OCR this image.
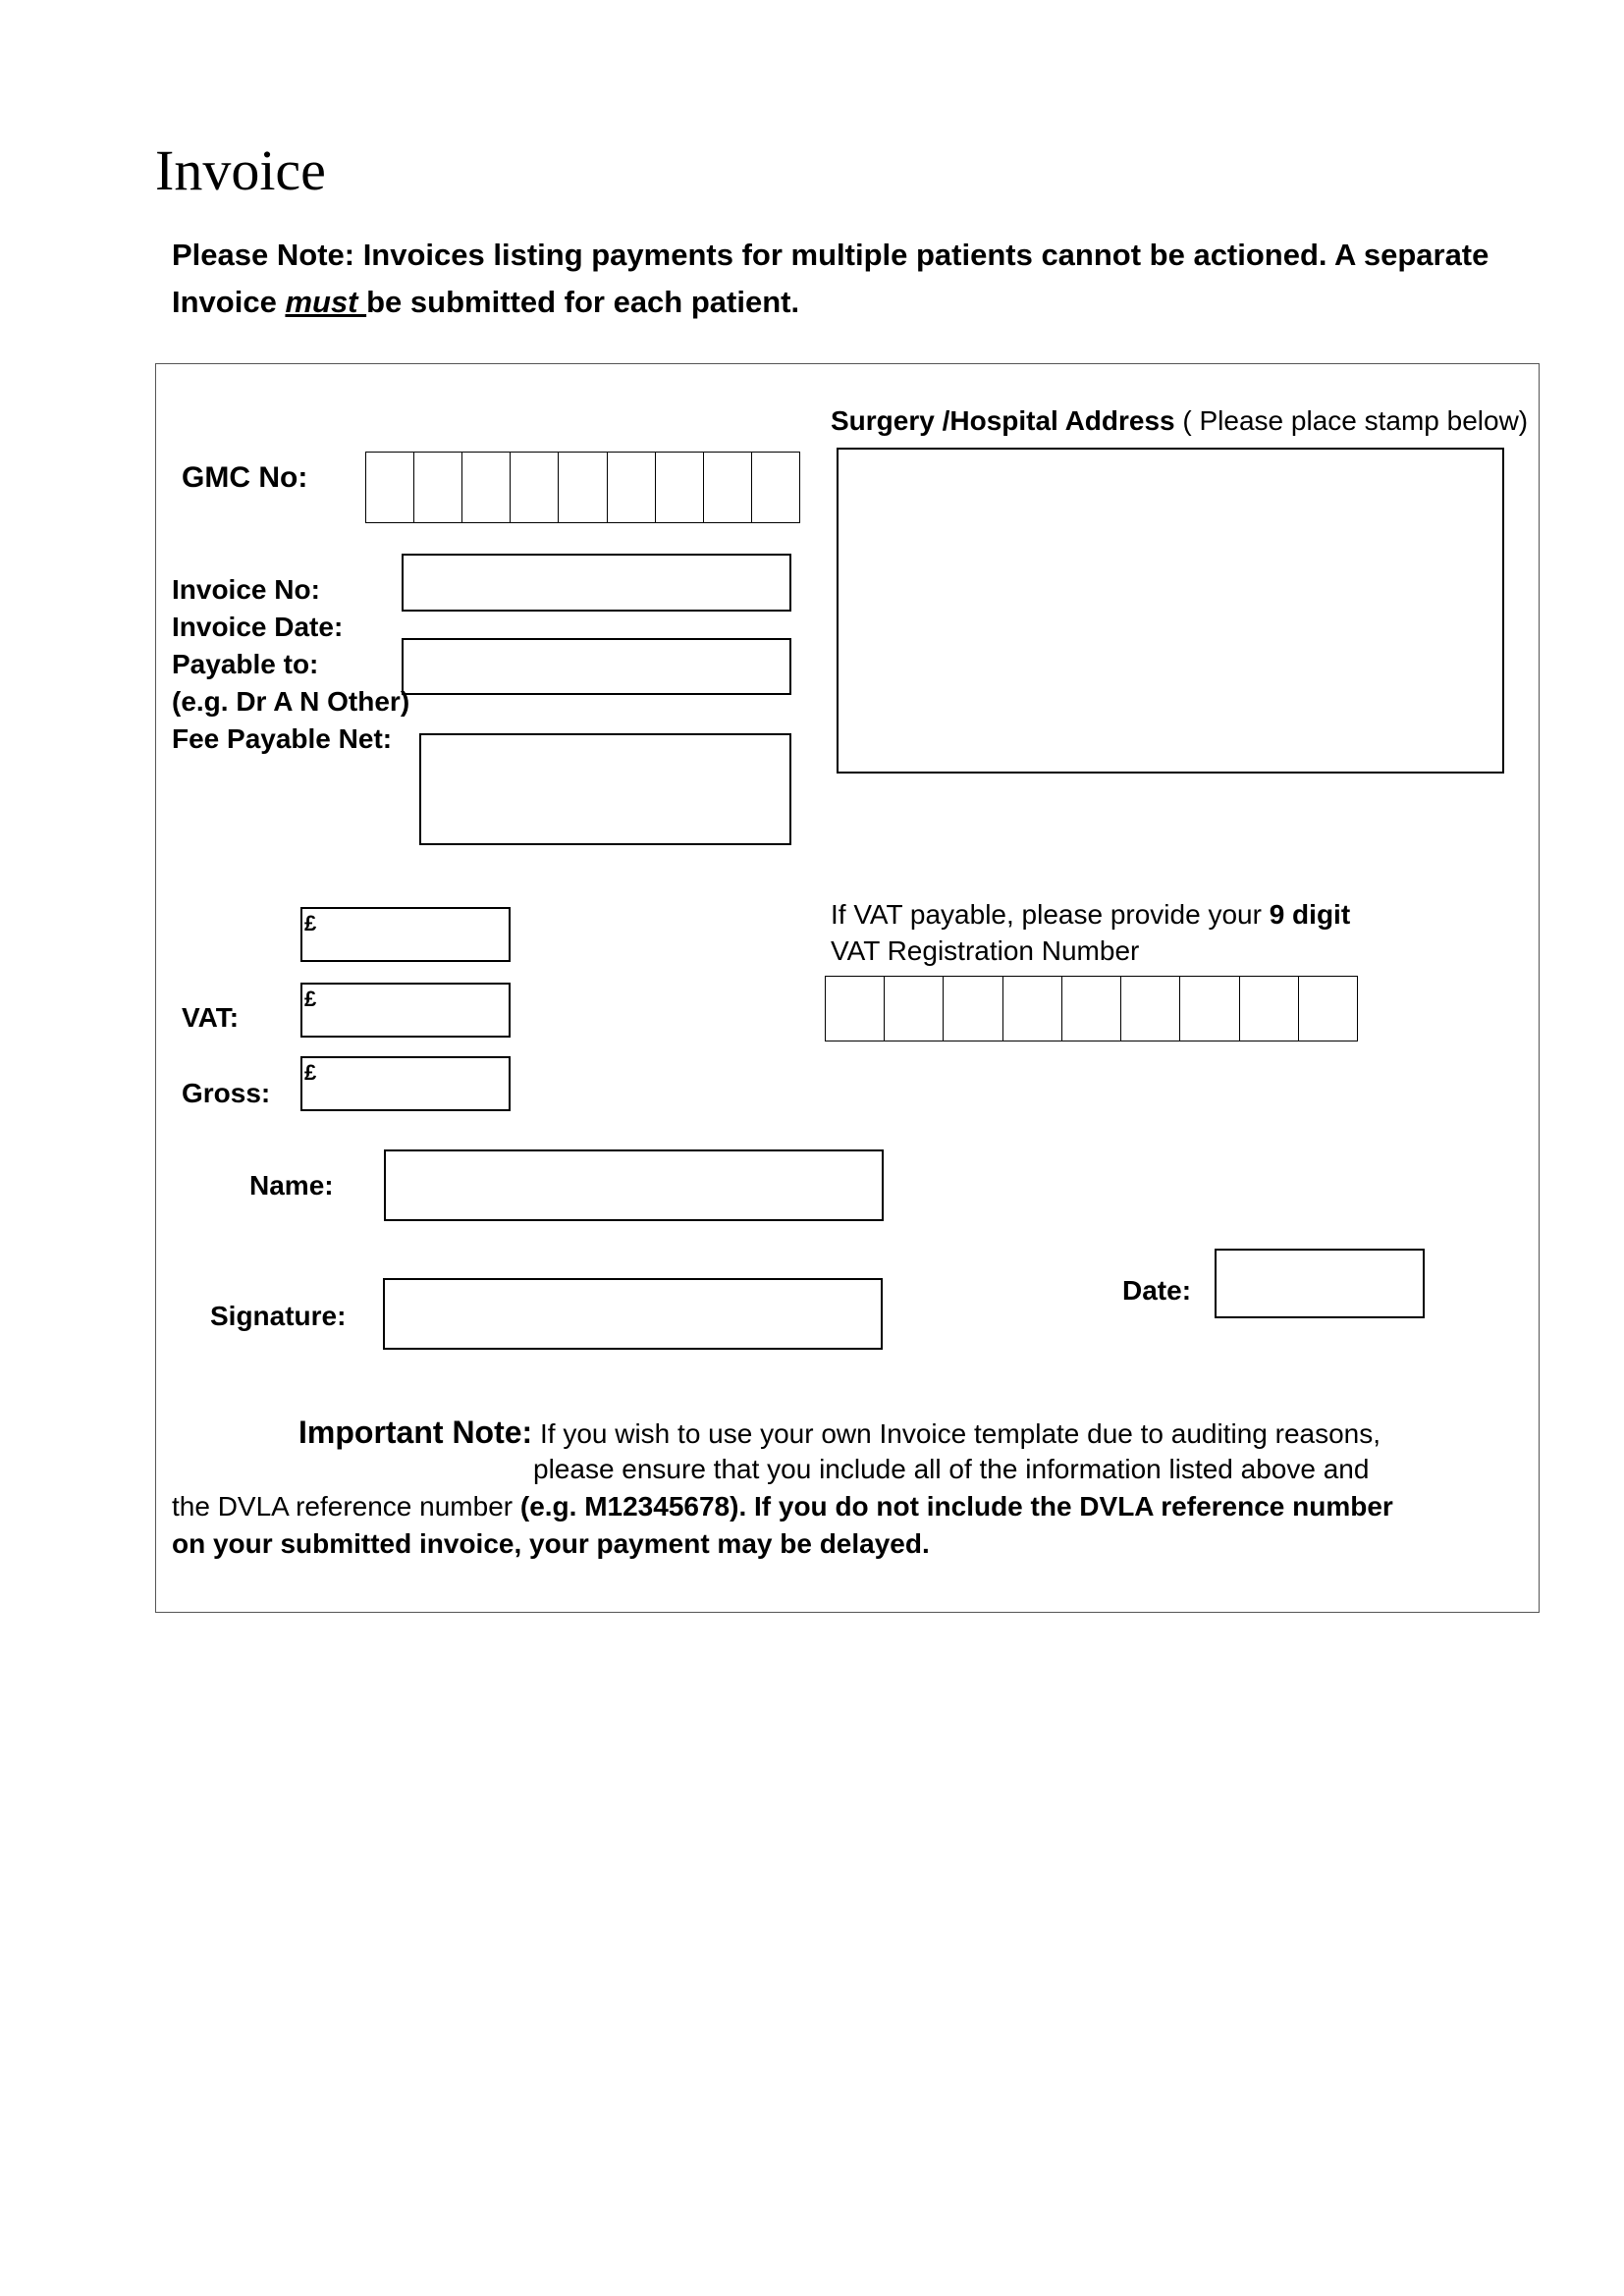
Invoice
Please Note: Invoices listing payments for multiple patients cannot be actioned. A separate
Invoice must be submitted for each patient.
GMC No:
Invoice No:
Invoice Date:
Payable to:
(e.g. Dr A N Other)
Fee Payable Net:
Surgery /Hospital Address ( Please place stamp below)
£
£
£
VAT:
Gross:
If VAT payable, please provide your 9 digit
VAT Registration Number
Name:
Signature:
Date:
Important Note: If you wish to use your own Invoice template due to auditing reasons,
please ensure that you include all of the information listed above and
the DVLA reference number (e.g. M12345678). If you do not include the DVLA reference number
on your submitted invoice, your payment may be delayed.
